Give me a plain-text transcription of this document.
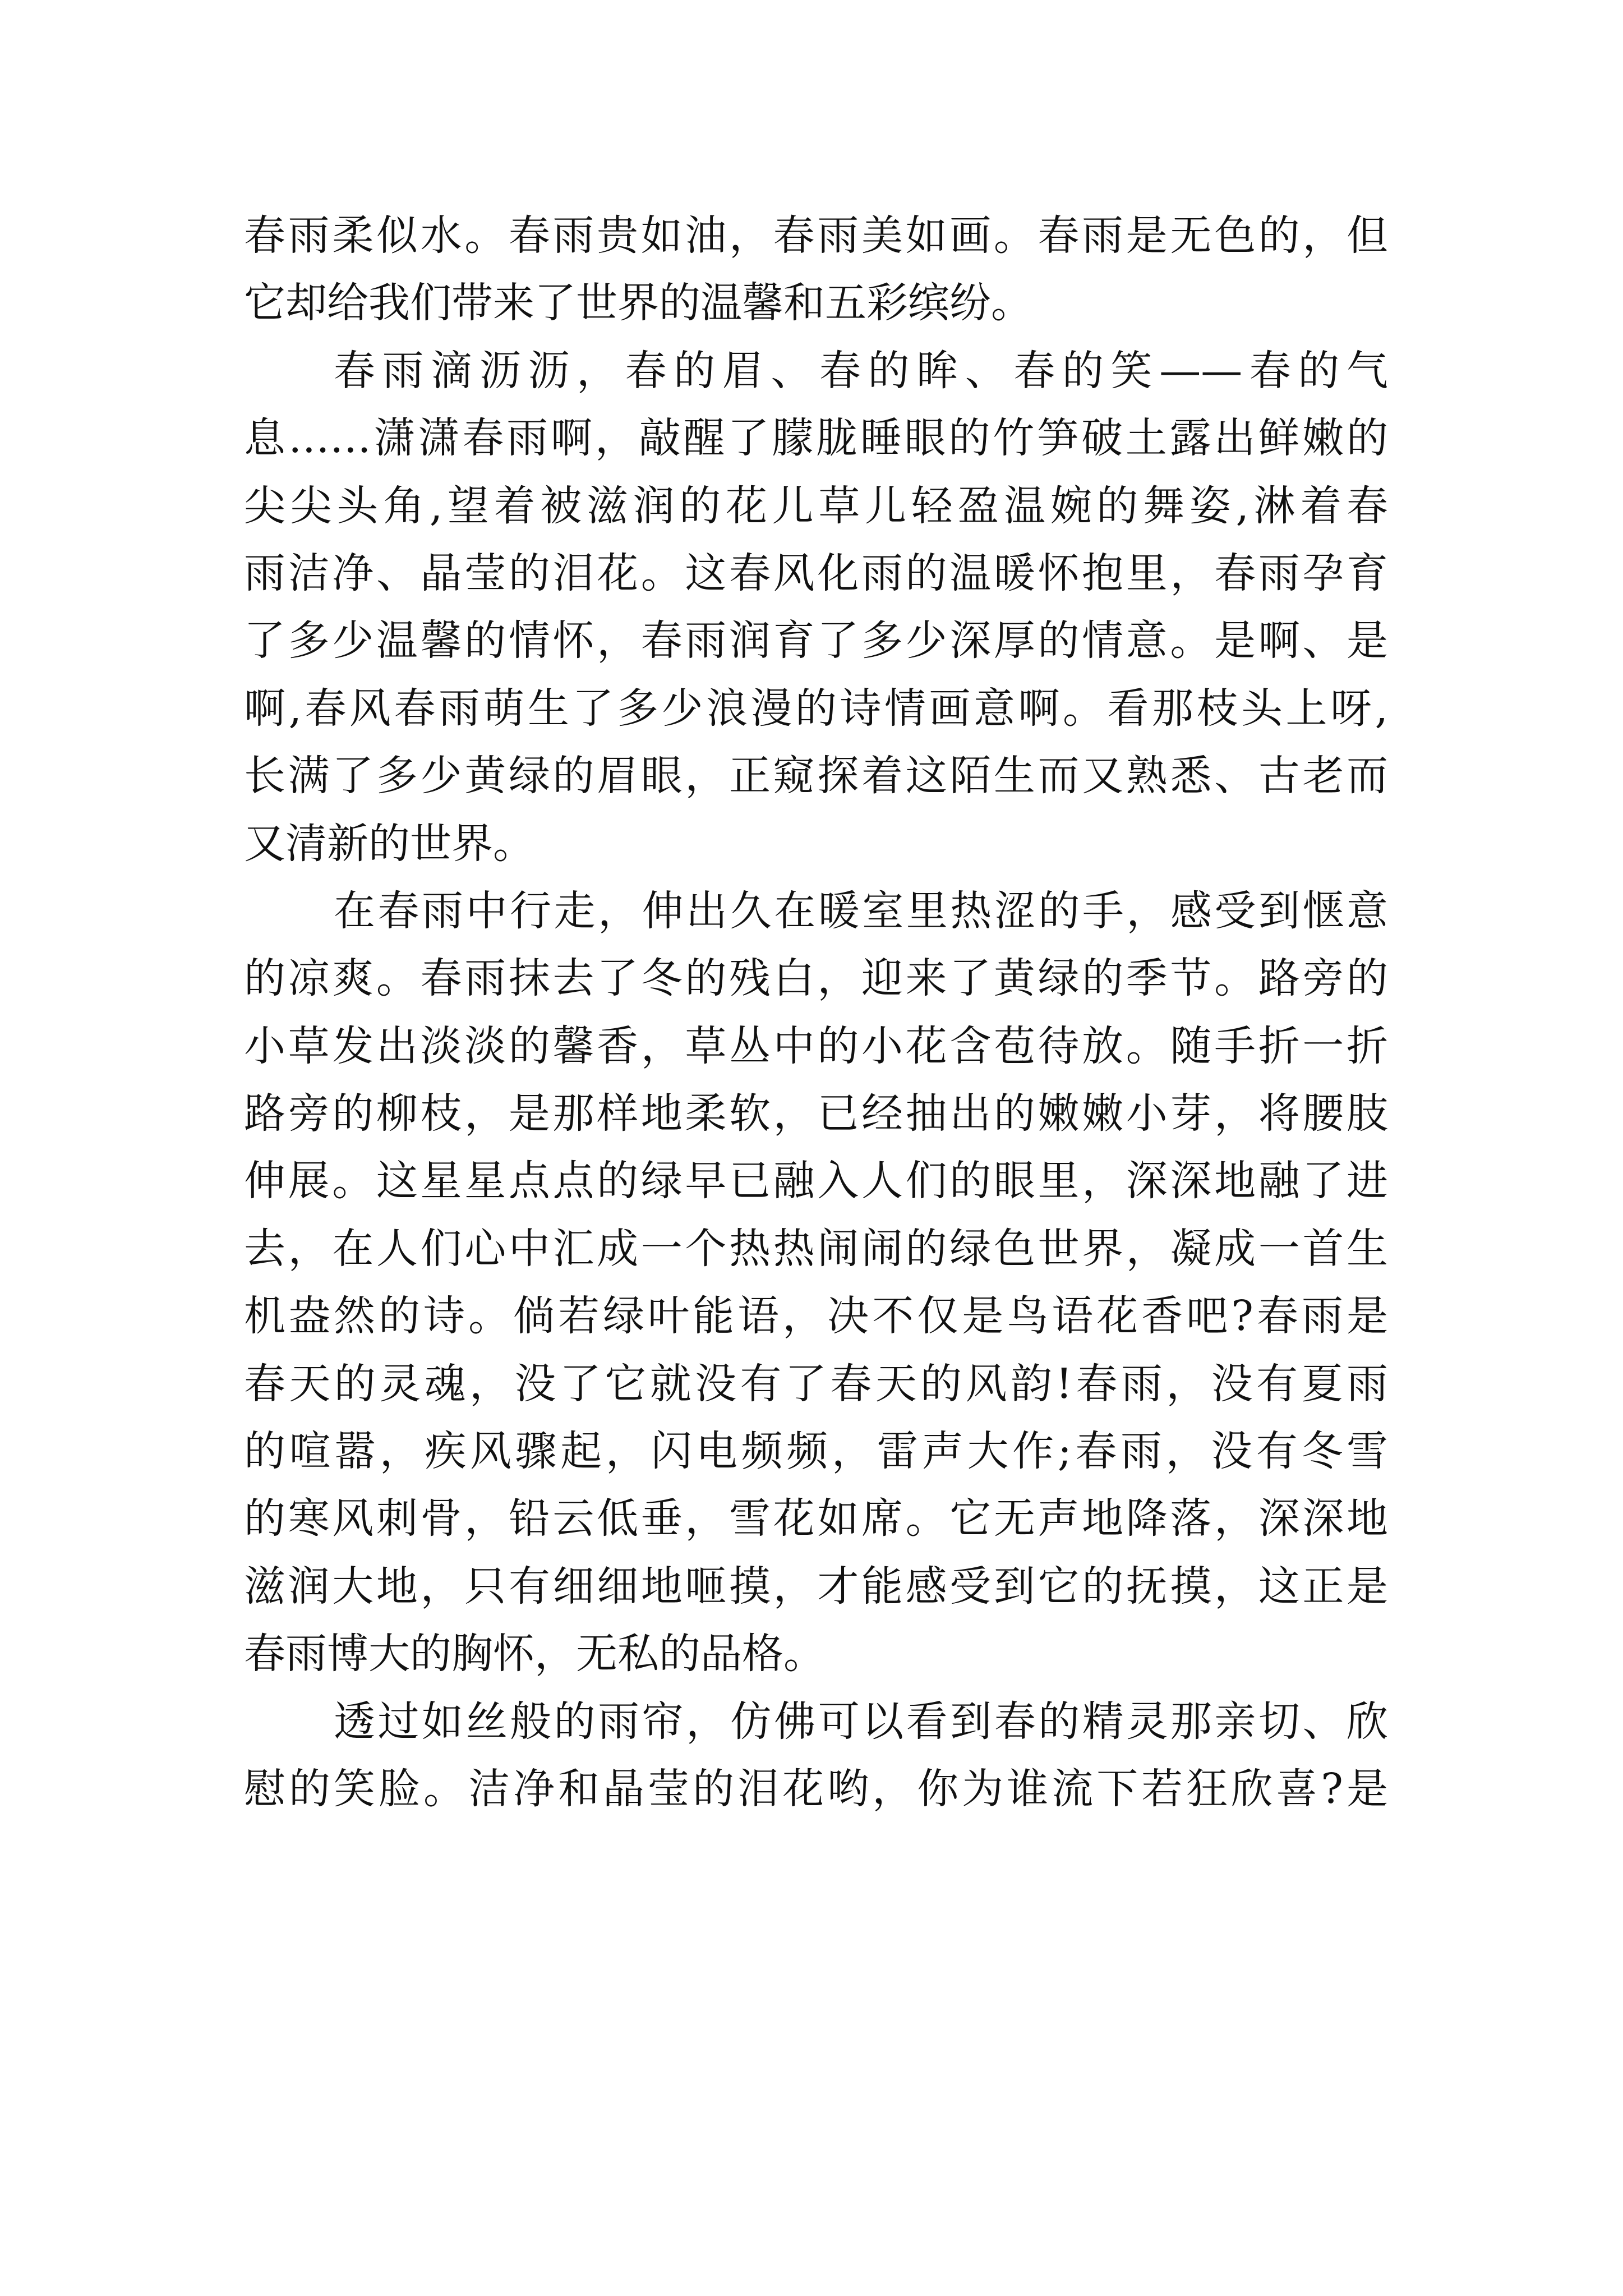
春雨柔似水。春雨贵如油，春雨美如画。春雨是无色的，但
它却给我们带来了世界的温馨和五彩缤纷。
春雨滴沥沥，春的眉、春的眸、春的笑——春的气
息……潇潇春雨啊，敲醒了朦胧睡眼的竹笋破土露出鲜嫩的
尖尖头角,望着被滋润的花儿草儿轻盈温婉的舞姿,淋着春
雨洁净、晶莹的泪花。这春风化雨的温暖怀抱里，春雨孕育
了多少温馨的情怀，春雨润育了多少深厚的情意。是啊、是
啊,春风春雨萌生了多少浪漫的诗情画意啊。看那枝头上呀,
长满了多少黄绿的眉眼，正窥探着这陌生而又熟悉、古老而
又清新的世界。
在春雨中行走，伸出久在暖室里热涩的手，感受到惬意
的凉爽。春雨抹去了冬的残白，迎来了黄绿的季节。路旁的
小草发出淡淡的馨香，草丛中的小花含苞待放。随手折一折
路旁的柳枝，是那样地柔软，已经抽出的嫩嫩小芽，将腰肢
伸展。这星星点点的绿早已融入人们的眼里，深深地融了进
去，在人们心中汇成一个热热闹闹的绿色世界，凝成一首生
机盎然的诗。倘若绿叶能语，决不仅是鸟语花香吧?春雨是
春天的灵魂，没了它就没有了春天的风韵!春雨，没有夏雨
的喧嚣，疾风骤起，闪电频频，雷声大作;春雨，没有冬雪
的寒风刺骨，铅云低垂，雪花如席。它无声地降落，深深地
滋润大地，只有细细地咂摸，才能感受到它的抚摸，这正是
春雨博大的胸怀，无私的品格。
透过如丝般的雨帘，仿佛可以看到春的精灵那亲切、欣
慰的笑脸。洁净和晶莹的泪花哟，你为谁流下若狂欣喜?是
